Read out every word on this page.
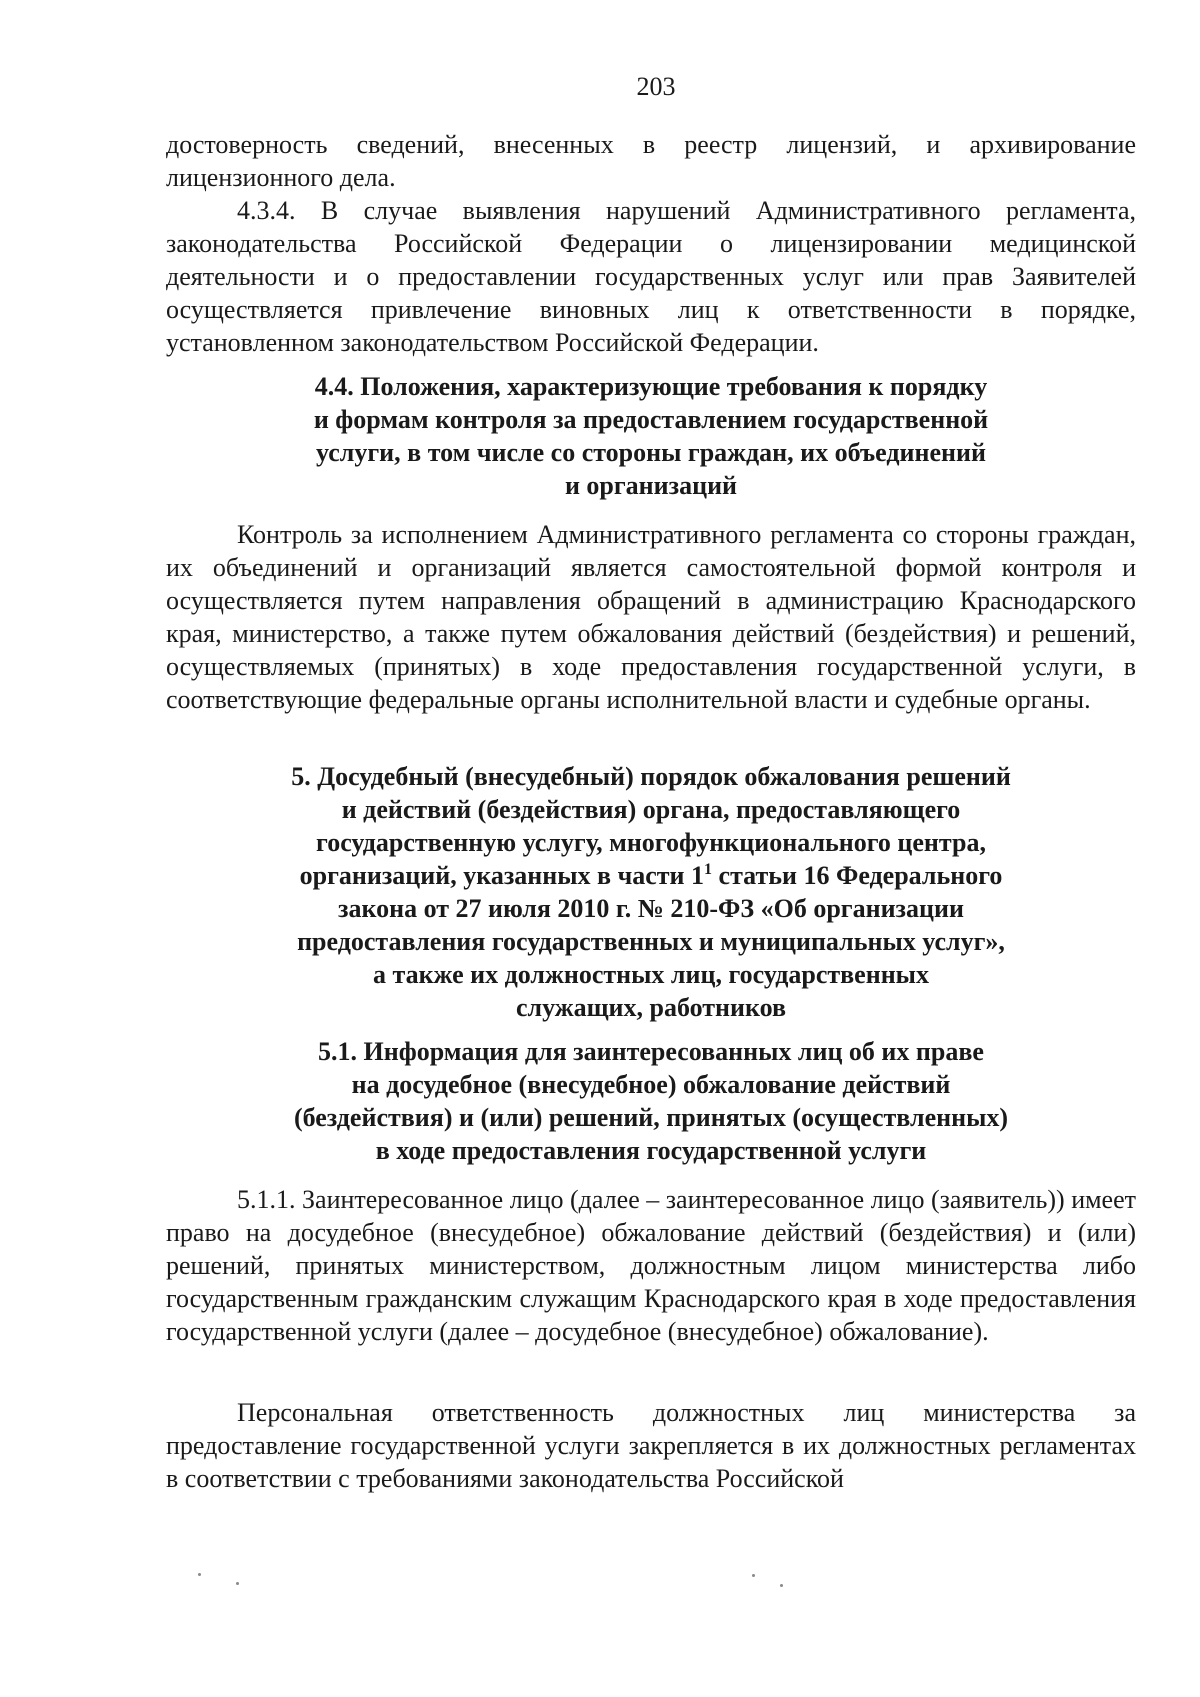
203

достоверность сведений, внесенных в реестр лицензий, и архивирование лицензионного дела.

4.3.4. В случае выявления нарушений Административного регламента, законодательства Российской Федерации о лицензировании медицинской деятельности и о предоставлении государственных услуг или прав Заявителей осуществляется привлечение виновных лиц к ответственности в порядке, установленном законодательством Российской Федерации.

4.4. Положения, характеризующие требования к порядку
и формам контроля за предоставлением государственной
услуги, в том числе со стороны граждан, их объединений
и организаций

Контроль за исполнением Административного регламента со стороны граждан, их объединений и организаций является самостоятельной формой контроля и осуществляется путем направления обращений в администрацию Краснодарского края, министерство, а также путем обжалования действий (бездействия) и решений, осуществляемых (принятых) в ходе предоставления государственной услуги, в соответствующие федеральные органы исполнительной власти и судебные органы.

5. Досудебный (внесудебный) порядок обжалования решений
и действий (бездействия) органа, предоставляющего
государственную услугу, многофункционального центра,
организаций, указанных в части $1^1$ статьи 16 Федерального
закона от 27 июля 2010 г. № 210-ФЗ «Об организации
предоставления государственных и муниципальных услуг»,
а также их должностных лиц, государственных
служащих, работников
5.1. Информация для заинтересованных лиц об их праве
на досудебное (внесудебное) обжалование действий
(бездействия) и (или) решений, принятых (осуществленных)
в ходе предоставления государственной услуги

5.1.1. Заинтересованное лицо (далее – заинтересованное лицо (заявитель)) имеет право на досудебное (внесудебное) обжалование действий (бездействия) и (или) решений, принятых министерством, должностным лицом министерства либо государственным гражданским служащим Краснодарского края в ходе предоставления государственной услуги (далее – досудебное (внесудебное) обжалование).

Персональная ответственность должностных лиц министерства за предоставление государственной услуги закрепляется в их должностных регламентах в соответствии с требованиями законодательства Российской
